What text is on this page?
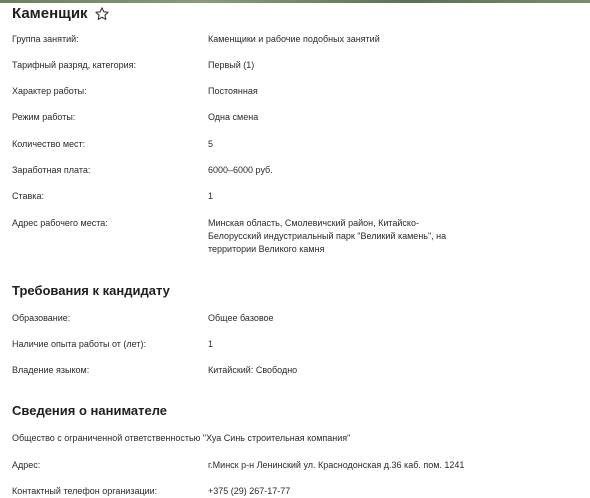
Каменщик
Группа занятий:	Каменщики и рабочие подобных занятий
Тарифный разряд, категория:	Первый (1)
Характер работы:	Постоянная
Режим работы:	Одна смена
Количество мест:	5
Заработная плата:	6000–6000 руб.
Ставка:	1
Адрес рабочего места:	Минская область, Смолевичский район, Китайско-Белорусский индустриальный парк "Великий камень", на территории Великого камня
Требования к кандидату
Образование:	Общее базовое
Наличие опыта работы от (лет):	1
Владение языком:	Китайский: Свободно
Сведения о нанимателе
Общество с ограниченной ответственностью "Хуа Синь строительная компания"
Адрес:	г.Минск р-н Ленинский ул. Краснодонская д.36 каб. пом. 1241
Контактный телефон организации:	+375 (29) 267-17-77
